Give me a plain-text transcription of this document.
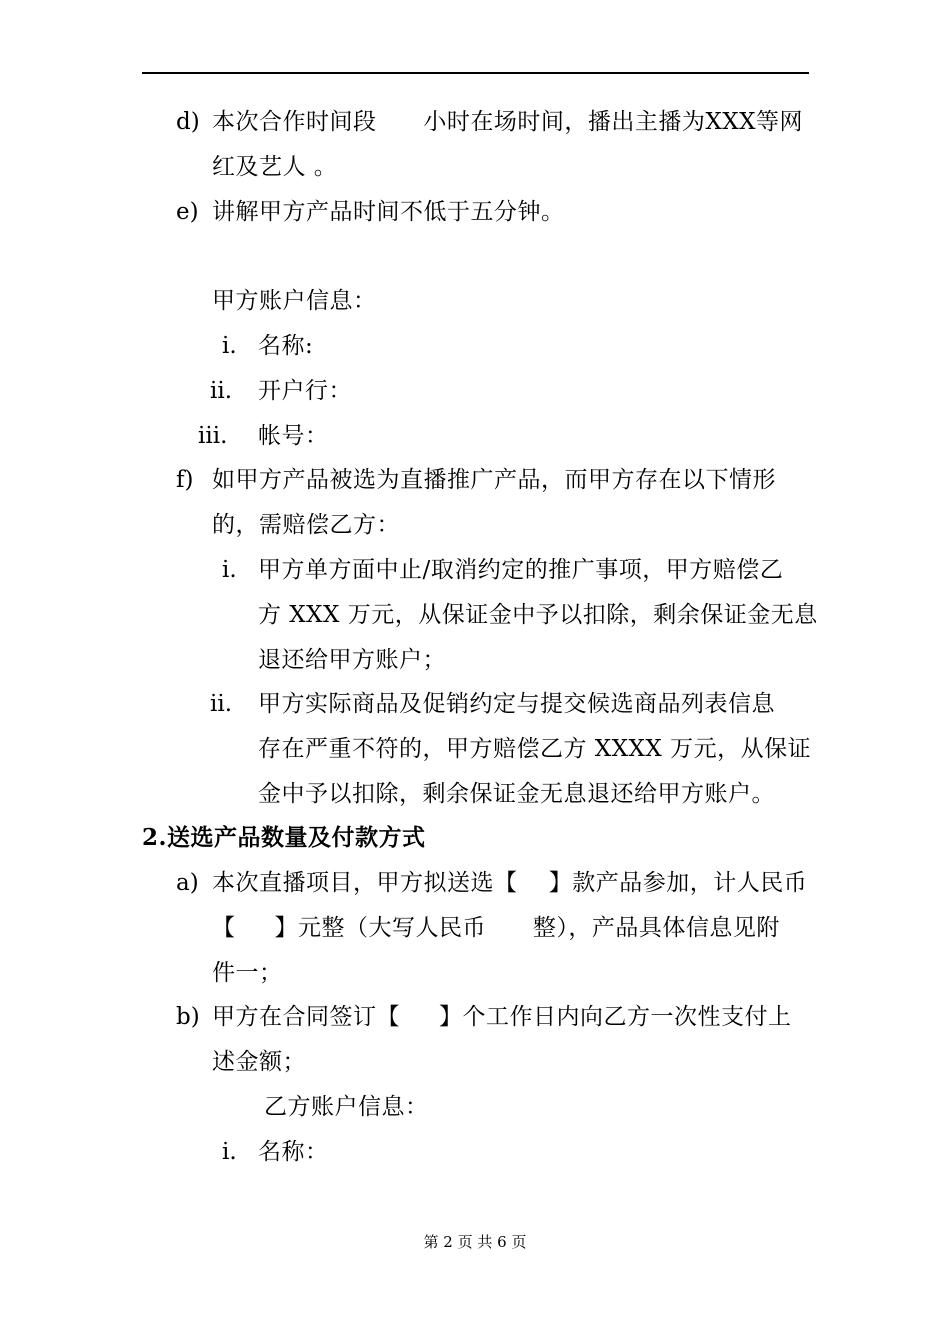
d) 本次合作时间段      小时在场时间，播出主播为XXX等网
红及艺人 。
e) 讲解甲方产品时间不低于五分钟。
甲方账户信息：
i. 名称:
ii. 开户行：
iii. 帐号：
f) 如甲方产品被选为直播推广产品，而甲方存在以下情形
的，需赔偿乙方：
i. 甲方单方面中止/取消约定的推广事项，甲方赔偿乙
方 XXX 万元，从保证金中予以扣除，剩余保证金无息
退还给甲方账户；
ii. 甲方实际商品及促销约定与提交候选商品列表信息
存在严重不符的，甲方赔偿乙方 XXXX 万元，从保证
金中予以扣除，剩余保证金无息退还给甲方账户。
2.送选产品数量及付款方式
a) 本次直播项目，甲方拟送选【    】款产品参加，计人民币
【     】元整（大写人民币      整），产品具体信息见附
件一；
b) 甲方在合同签订【     】个工作日内向乙方一次性支付上
述金额；
乙方账户信息：
i. 名称：
第 2 页 共 6 页
